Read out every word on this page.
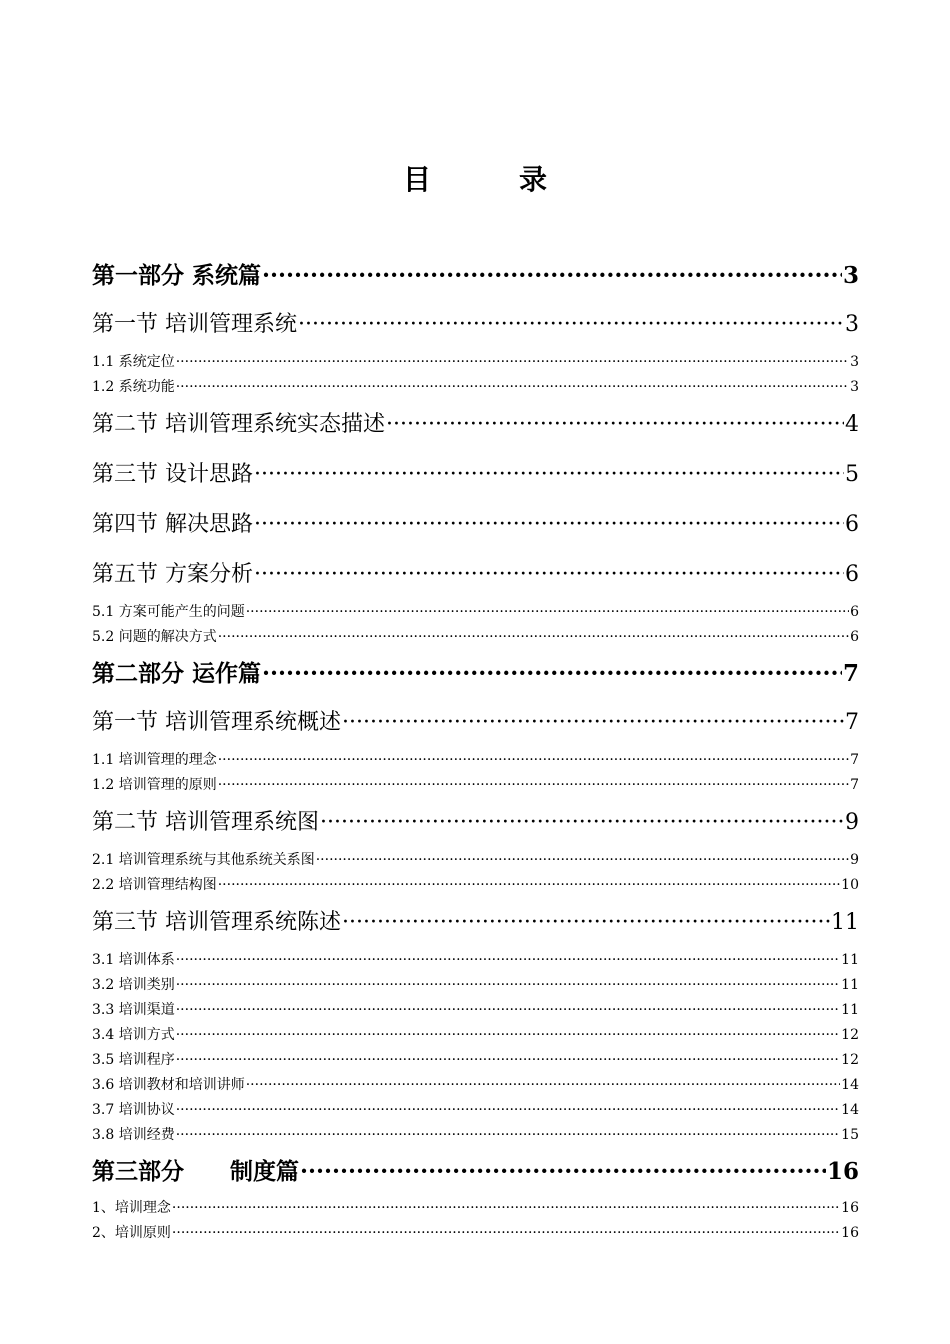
目　录
第一部分 系统篇 ·····	3
第一节 培训管理系统 ·····	3
1.1 系统定位 ·····	3
1.2 系统功能 ·····	3
第二节 培训管理系统实态描述 ·····	4
第三节 设计思路 ·····	5
第四节 解决思路 ·····	6
第五节 方案分析 ·····	6
5.1 方案可能产生的问题 ·····	6
5.2 问题的解决方式 ·····	6
第二部分 运作篇 ·····	7
第一节 培训管理系统概述 ·····	7
1.1 培训管理的理念 ·····	7
1.2 培训管理的原则 ·····	7
第二节 培训管理系统图 ·····	9
2.1 培训管理系统与其他系统关系图 ·····	9
2.2 培训管理结构图 ·····	10
第三节 培训管理系统陈述 ·····	11
3.1 培训体系 ·····	11
3.2 培训类别 ·····	11
3.3 培训渠道 ·····	11
3.4 培训方式 ·····	12
3.5 培训程序 ·····	12
3.6 培训教材和培训讲师 ·····	14
3.7 培训协议 ·····	14
3.8 培训经费 ·····	15
第三部分　　制度篇 ·····	16
1、培训理念 ·····	16
2、培训原则 ·····	16
